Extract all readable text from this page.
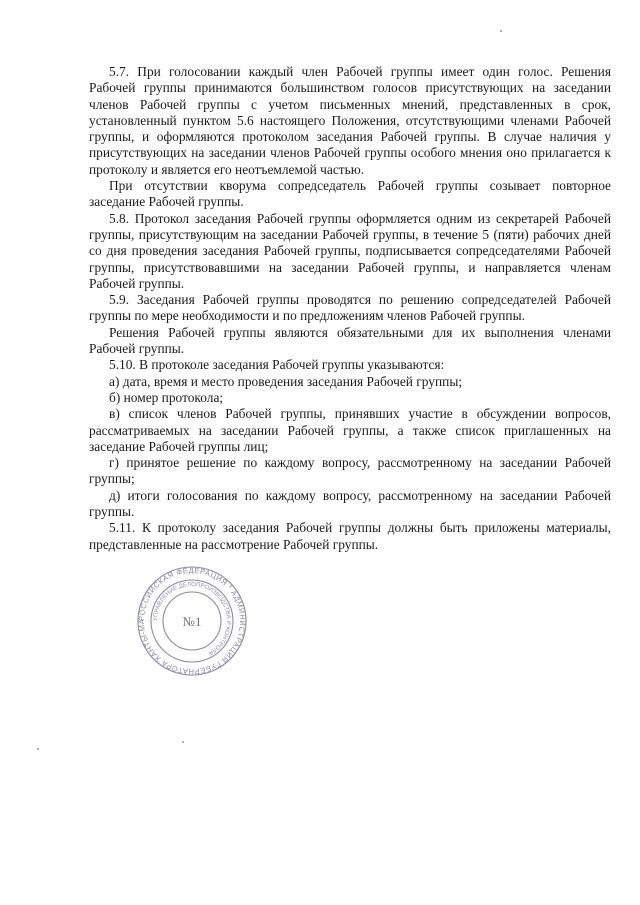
5.7. При голосовании каждый член Рабочей группы имеет один голос. Решения Рабочей группы принимаются большинством голосов присутствующих на заседании членов Рабочей группы с учетом письменных мнений, представленных в срок, установленный пунктом 5.6 настоящего Положения, отсутствующими членами Рабочей группы, и оформляются протоколом заседания Рабочей группы. В случае наличия у присутствующих на заседании членов Рабочей группы особого мнения оно прилагается к протоколу и является его неотъемлемой частью.

При отсутствии кворума сопредседатель Рабочей группы созывает повторное заседание Рабочей группы.

5.8. Протокол заседания Рабочей группы оформляется одним из секретарей Рабочей группы, присутствующим на заседании Рабочей группы, в течение 5 (пяти) рабочих дней со дня проведения заседания Рабочей группы, подписывается сопредседателями Рабочей группы, присутствовавшими на заседании Рабочей группы, и направляется членам Рабочей группы.

5.9. Заседания Рабочей группы проводятся по решению сопредседателей Рабочей группы по мере необходимости и по предложениям членов Рабочей группы.

Решения Рабочей группы являются обязательными для их выполнения членами Рабочей группы.

5.10. В протоколе заседания Рабочей группы указываются:

а) дата, время и место проведения заседания Рабочей группы;

б) номер протокола;

в) список членов Рабочей группы, принявших участие в обсуждении вопросов, рассматриваемых на заседании Рабочей группы, а также список приглашенных на заседание Рабочей группы лиц;

г) принятое решение по каждому вопросу, рассмотренному на заседании Рабочей группы;

д) итоги голосования по каждому вопросу, рассмотренному на заседании Рабочей группы.

5.11. К протоколу заседания Рабочей группы должны быть приложены материалы, представленные на рассмотрение Рабочей группы.

РОССИЙСКАЯ ФЕДЕРАЦИЯ * АДМИНИСТРАЦИЯ ГУБЕРНАТОРА ХАНТЫ-МА	УПРАВЛЕНИЕ ДЕЛОПРОИЗВОДСТВА И КОНТРОЛЯ
№1
